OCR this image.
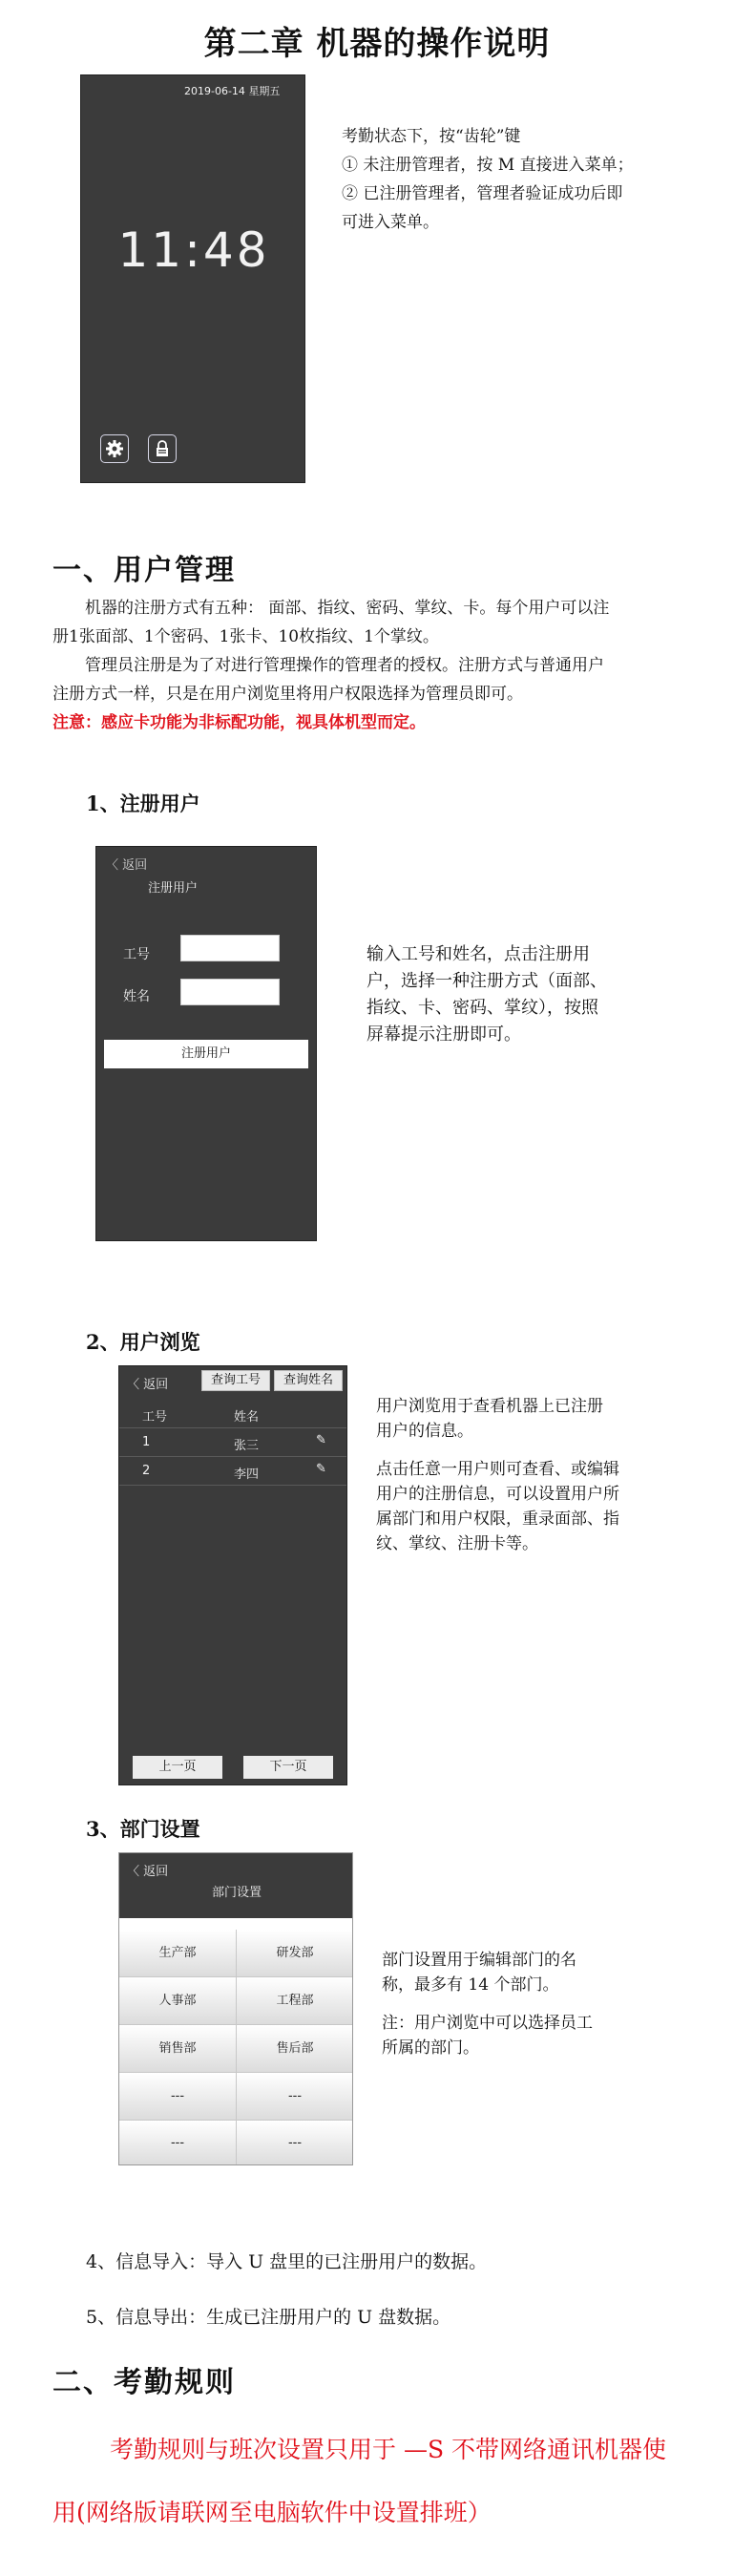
第二章 机器的操作说明
2019-06-14 星期五
11:48
考勤状态下，按“齿轮”键
① 未注册管理者，按 M 直接进入菜单；
② 已注册管理者，管理者验证成功后即
可进入菜单。
一、用户管理
机器的注册方式有五种： 面部、指纹、密码、掌纹、卡。每个用户可以注
册1张面部、1个密码、1张卡、10枚指纹、1个掌纹。
管理员注册是为了对进行管理操作的管理者的授权。注册方式与普通用户
注册方式一样，只是在用户浏览里将用户权限选择为管理员即可。
注意：感应卡功能为非标配功能，视具体机型而定。
1、注册用户
〈 返回
注册用户
工号
姓名
注册用户
输入工号和姓名，点击注册用
户，选择一种注册方式（面部、
指纹、卡、密码、掌纹），按照
屏幕提示注册即可。
2、用户浏览
〈 返回	查询工号	查询姓名
工号	姓名
1	张三	✎
2	李四	✎
上一页	下一页
用户浏览用于查看机器上已注册
用户的信息。
点击任意一用户则可查看、或编辑
用户的注册信息，可以设置用户所
属部门和用户权限，重录面部、指
纹、掌纹、注册卡等。
3、部门设置
〈 返回
部门设置
生产部	研发部
人事部	工程部
销售部	售后部
---	---
---	---
部门设置用于编辑部门的名
称，最多有 14 个部门。
注：用户浏览中可以选择员工
所属的部门。
4、信息导入：导入 U 盘里的已注册用户的数据。
5、信息导出：生成已注册用户的 U 盘数据。
二、考勤规则
考勤规则与班次设置只用于 —S 不带网络通讯机器使
用(网络版请联网至电脑软件中设置排班）
